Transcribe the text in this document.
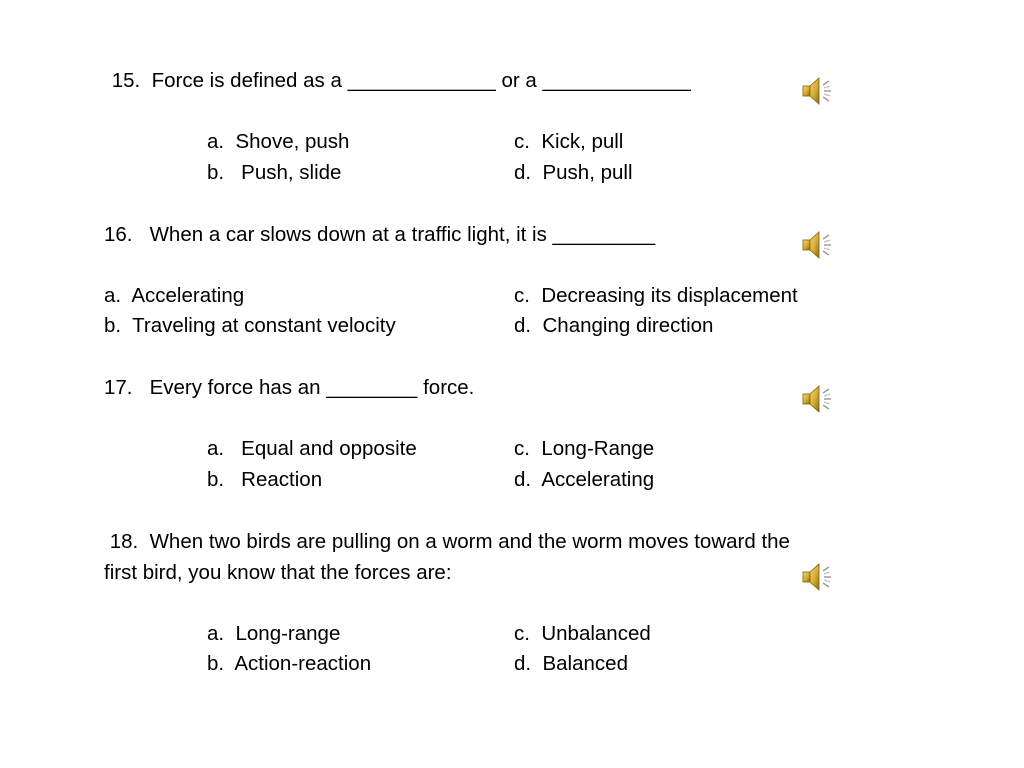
15.  Force is defined as a _____________ or a _____________

a.  Shove, push	c.  Kick, pull

b.   Push, slide	d.  Push, pull

16.   When a car slows down at a traffic light, it is _________

a.  Accelerating	c.  Decreasing its displacement

b.  Traveling at constant velocity	d.  Changing direction

17.   Every force has an ________ force.

a.   Equal and opposite	c.  Long-Range

b.   Reaction	d.  Accelerating

18.  When two birds are pulling on a worm and the worm moves toward the

first bird, you know that the forces are:

a.  Long-range	c.  Unbalanced

b.  Action-reaction	d.  Balanced
